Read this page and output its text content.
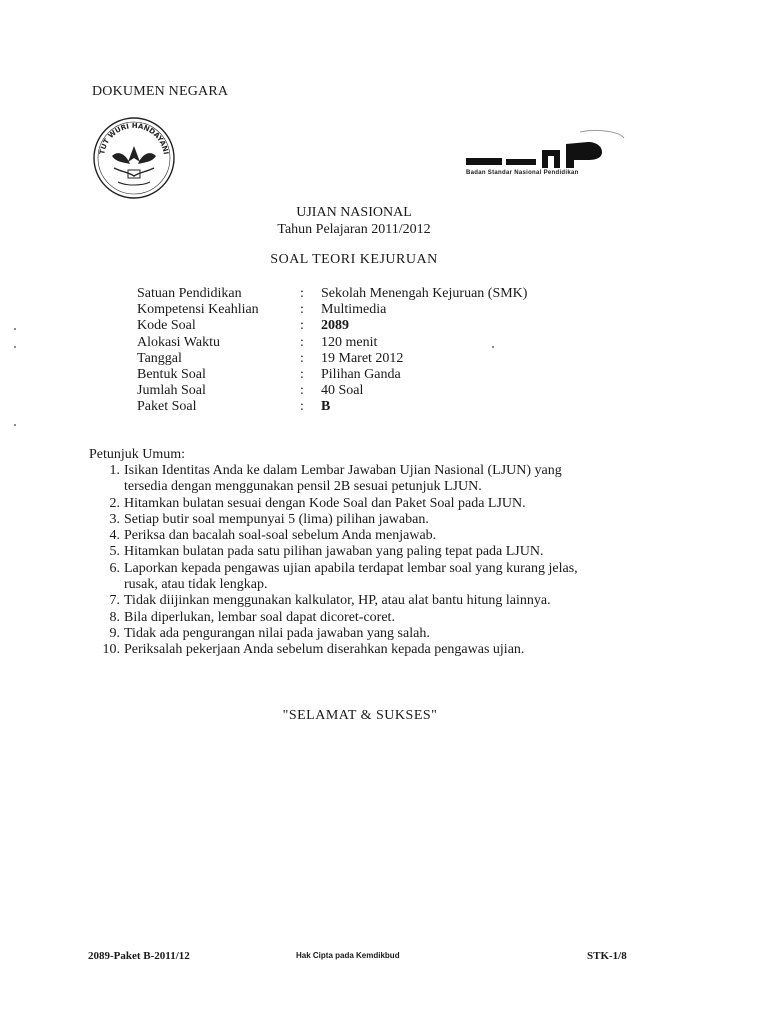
DOKUMEN NEGARA
TUT WURI HANDAYANI
Badan Standar Nasional Pendidikan
UJIAN NASIONAL
Tahun Pelajaran 2011/2012
SOAL TEORI KEJURUAN
Satuan Pendidikan	:	Sekolah Menengah Kejuruan (SMK)
Kompetensi Keahlian	:	Multimedia
Kode Soal	:	2089
Alokasi Waktu	:	120 menit
Tanggal	:	19 Maret 2012
Bentuk Soal	:	Pilihan Ganda
Jumlah Soal	:	40 Soal
Paket Soal	:	B
Petunjuk Umum:
1. Isikan Identitas Anda ke dalam Lembar Jawaban Ujian Nasional (LJUN) yang
tersedia dengan menggunakan pensil 2B sesuai petunjuk LJUN.
2. Hitamkan bulatan sesuai dengan Kode Soal dan Paket Soal pada LJUN.
3. Setiap butir soal mempunyai 5 (lima) pilihan jawaban.
4. Periksa dan bacalah soal-soal sebelum Anda menjawab.
5. Hitamkan bulatan pada satu pilihan jawaban yang paling tepat pada LJUN.
6. Laporkan kepada pengawas ujian apabila terdapat lembar soal yang kurang jelas,
rusak, atau tidak lengkap.
7. Tidak diijinkan menggunakan kalkulator, HP, atau alat bantu hitung lainnya.
8. Bila diperlukan, lembar soal dapat dicoret-coret.
9. Tidak ada pengurangan nilai pada jawaban yang salah.
10. Periksalah pekerjaan Anda sebelum diserahkan kepada pengawas ujian.
"SELAMAT & SUKSES"
2089-Paket B-2011/12	Hak Cipta pada Kemdikbud	STK-1/8
